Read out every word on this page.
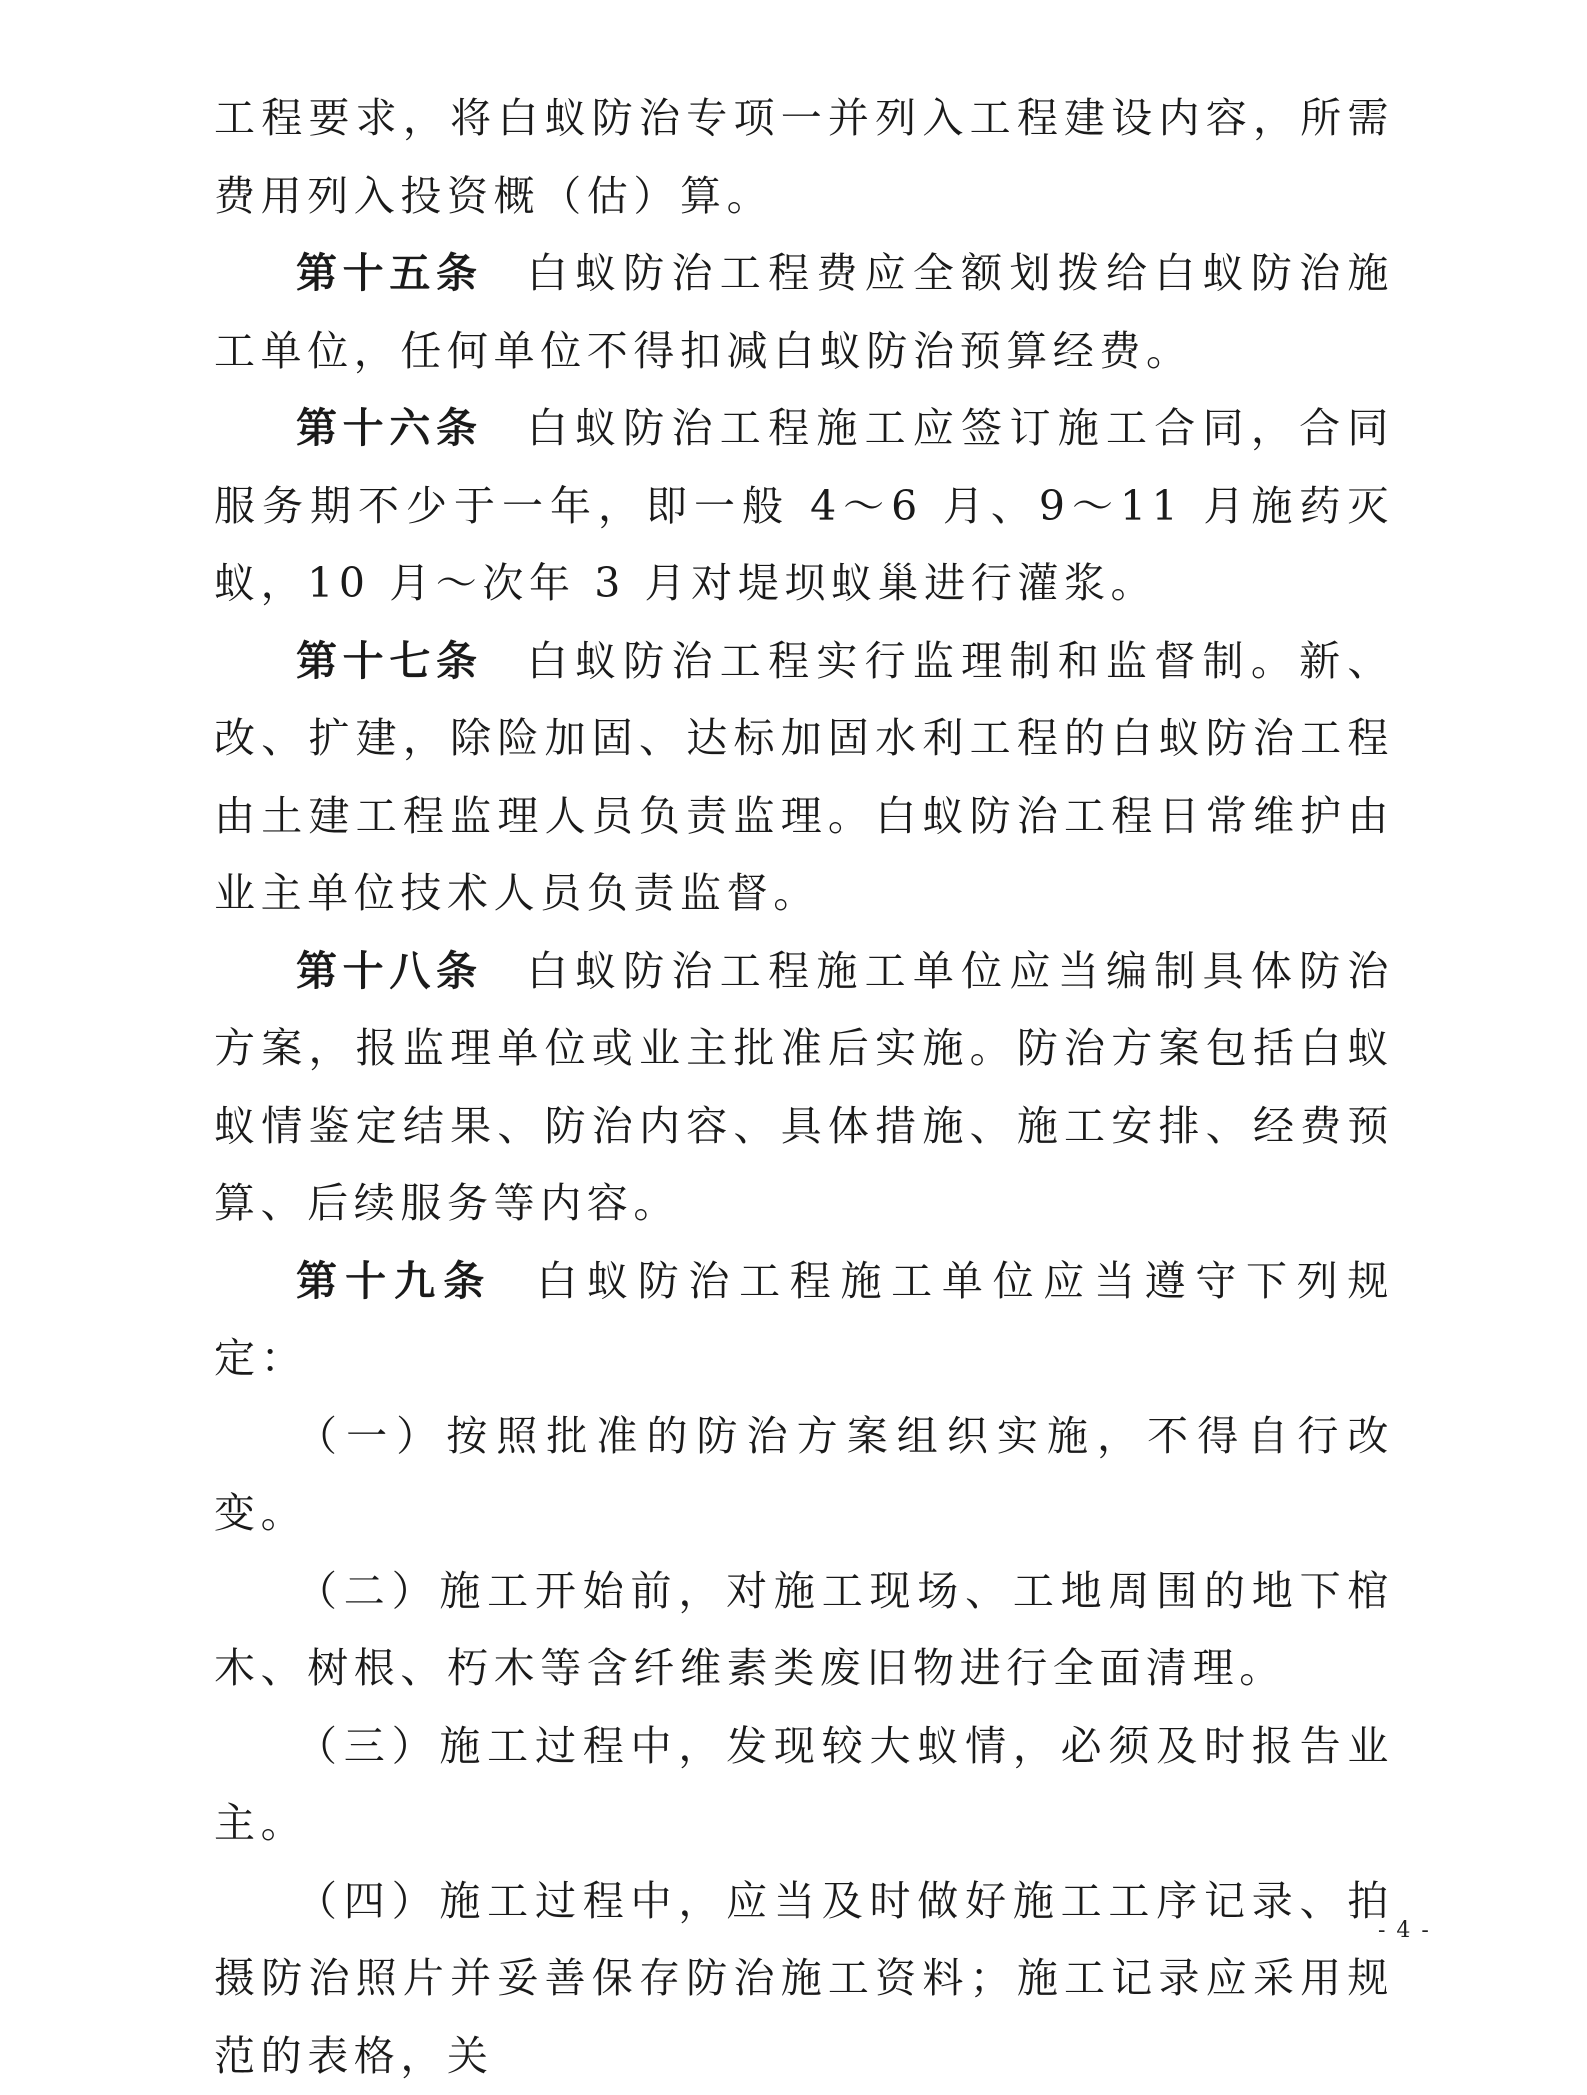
工程要求，将白蚁防治专项一并列入工程建设内容，所需费用列入投资概（估）算。

第十五条 白蚁防治工程费应全额划拨给白蚁防治施工单位，任何单位不得扣减白蚁防治预算经费。

第十六条 白蚁防治工程施工应签订施工合同，合同服务期不少于一年，即一般 4～6 月、9～11 月施药灭蚁，10 月～次年 3 月对堤坝蚁巢进行灌浆。

第十七条 白蚁防治工程实行监理制和监督制。新、改、扩建，除险加固、达标加固水利工程的白蚁防治工程由土建工程监理人员负责监理。白蚁防治工程日常维护由业主单位技术人员负责监督。

第十八条 白蚁防治工程施工单位应当编制具体防治方案，报监理单位或业主批准后实施。防治方案包括白蚁蚁情鉴定结果、防治内容、具体措施、施工安排、经费预算、后续服务等内容。

第十九条 白蚁防治工程施工单位应当遵守下列规定：

（一）按照批准的防治方案组织实施，不得自行改变。

（二）施工开始前，对施工现场、工地周围的地下棺木、树根、朽木等含纤维素类废旧物进行全面清理。

（三）施工过程中，发现较大蚁情，必须及时报告业主。

（四）施工过程中，应当及时做好施工工序记录、拍摄防治照片并妥善保存防治施工资料；施工记录应采用规范的表格，关

- 4 -
